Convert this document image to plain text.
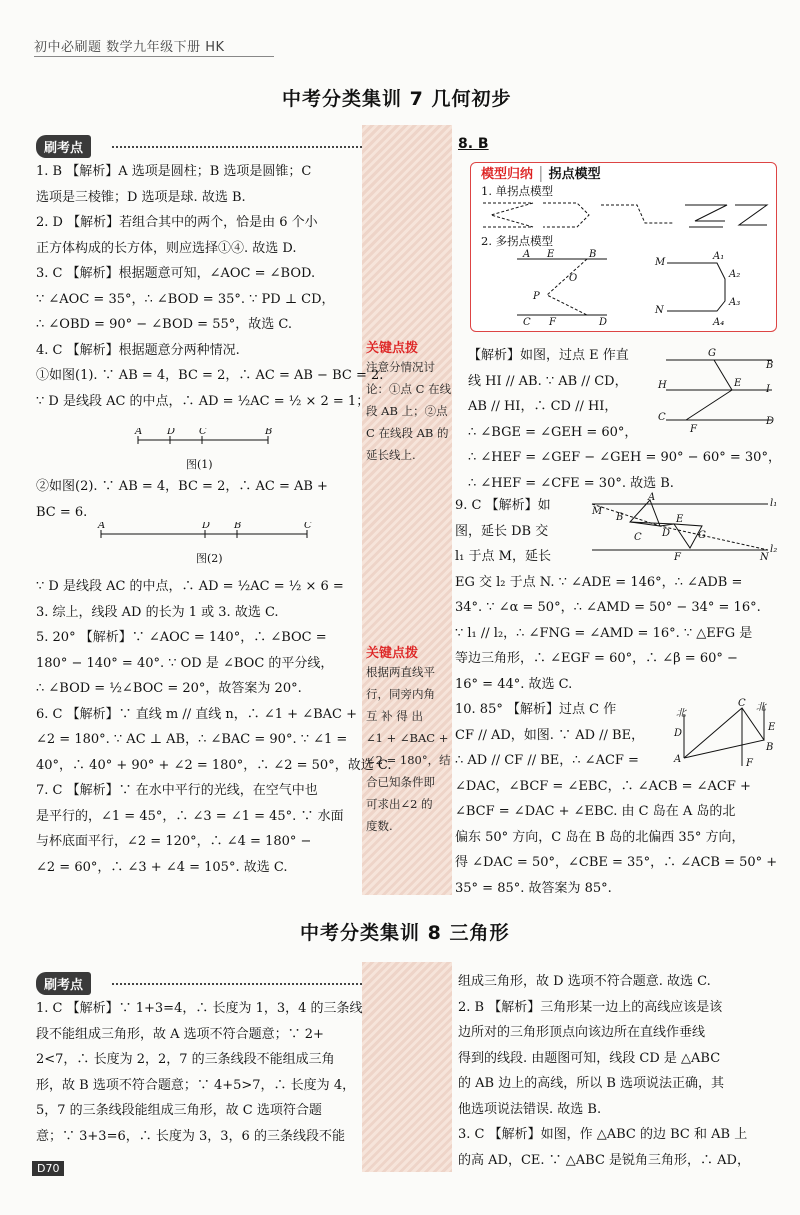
初中必刷题 数学九年级下册 HK
中考分类集训 7 几何初步
刷考点

1. B 【解析】A 选项是圆柱；B 选项是圆锥；C

选项是三棱锥；D 选项是球. 故选 B.

2. D 【解析】若组合其中的两个，恰是由 6 个小

正方体构成的长方体，则应选择①④. 故选 D.

3. C 【解析】根据题意可知，∠AOC = ∠BOD.

∵ ∠AOC = 35°，∴ ∠BOD = 35°. ∵ PD ⊥ CD，

∴ ∠OBD = 90° − ∠BOD = 55°，故选 C.

4. C 【解析】根据题意分两种情况.

①如图(1). ∵ AB = 4，BC = 2，∴ AC = AB − BC = 2.

∵ D 是线段 AC 的中点，∴ AD = ½AC = ½ × 2 = 1；

A D C	B
图(1)

②如图(2). ∵ AB = 4，BC = 2，∴ AC = AB +

BC = 6.

A	D B	C
图(2)

∵ D 是线段 AC 的中点，∴ AD = ½AC = ½ × 6 =

3. 综上，线段 AD 的长为 1 或 3. 故选 C.

5. 20° 【解析】∵ ∠AOC = 140°，∴ ∠BOC =

180° − 140° = 40°. ∵ OD 是 ∠BOC 的平分线，

∴ ∠BOD = ½∠BOC = 20°，故答案为 20°.

6. C 【解析】∵ 直线 m // 直线 n，∴ ∠1 + ∠BAC +

∠2 = 180°. ∵ AC ⊥ AB，∴ ∠BAC = 90°. ∵ ∠1 =

40°，∴ 40° + 90° + ∠2 = 180°，∴ ∠2 = 50°，故选 C.

7. C 【解析】∵ 在水中平行的光线，在空气中也

是平行的，∠1 = 45°，∴ ∠3 = ∠1 = 45°. ∵ 水面

与杯底面平行，∠2 = 120°，∴ ∠4 = 180° −

∠2 = 60°，∴ ∠3 + ∠4 = 105°. 故选 C.

关键点拨

注意分情况讨

论：①点 C 在线

段 AB 上；②点

C 在线段 AB 的

延长线上.

关键点拨

根据两直线平

行，同旁内角

互 补 得 出

∠1 + ∠BAC +

∠2 = 180°，结

合已知条件即

可求出∠2 的

度数.

8. B
模型归纳 | 拐点模型
1. 单拐点模型
2. 多拐点模型
A E	B
O
P
C F	D
M
A₁
A₂
A₃
A₄
N

【解析】如图，过点 E 作直

线 HI // AB. ∵ AB // CD，

AB // HI，∴ CD // HI，

∴ ∠BGE = ∠GEH = 60°，

∴ ∠HEF = ∠GEF − ∠GEH = 90° − 60° = 30°，

∴ ∠HEF = ∠CFE = 30°. 故选 B.

G
B
H	E
I
C
F
D

9. C 【解析】如

图，延长 DB 交

l₁ 于点 M，延长

EG 交 l₂ 于点 N. ∵ ∠ADE = 146°，∴ ∠ADB =

34°. ∵ ∠α = 50°，∴ ∠AMD = 50° − 34° = 16°.

∵ l₁ // l₂，∴ ∠FNG = ∠AMD = 16°. ∵ △EFG 是

等边三角形，∴ ∠EGF = 60°，∴ ∠β = 60° −

16° = 44°. 故选 C.

10. 85° 【解析】过点 C 作

CF // AD，如图. ∵ AD // BE，

∴ AD // CF // BE，∴ ∠ACF =

∠DAC，∠BCF = ∠EBC，∴ ∠ACB = ∠ACF +

∠BCF = ∠DAC + ∠EBC. 由 C 岛在 A 岛的北

偏东 50° 方向，C 岛在 B 岛的北偏西 35° 方向，

得 ∠DAC = 50°，∠CBE = 35°，∴ ∠ACB = 50° +

35° = 85°. 故答案为 85°.

A
B
C D
E
F
G
M
N
l₁
l₂
北
D
A
C 北
E
B
F
中考分类集训 8 三角形
刷考点

1. C 【解析】∵ 1+3=4，∴ 长度为 1，3，4 的三条线

段不能组成三角形，故 A 选项不符合题意；∵ 2+

2<7，∴ 长度为 2，2，7 的三条线段不能组成三角

形，故 B 选项不符合题意；∵ 4+5>7，∴ 长度为 4，

5，7 的三条线段能组成三角形，故 C 选项符合题

意；∵ 3+3=6，∴ 长度为 3，3，6 的三条线段不能

组成三角形，故 D 选项不符合题意. 故选 C.

2. B 【解析】三角形某一边上的高线应该是该

边所对的三角形顶点向该边所在直线作垂线

得到的线段. 由题图可知，线段 CD 是 △ABC

的 AB 边上的高线，所以 B 选项说法正确，其

他选项说法错误. 故选 B.

3. C 【解析】如图，作 △ABC 的边 BC 和 AB 上

的高 AD，CE. ∵ △ABC 是锐角三角形，∴ AD，

D70
